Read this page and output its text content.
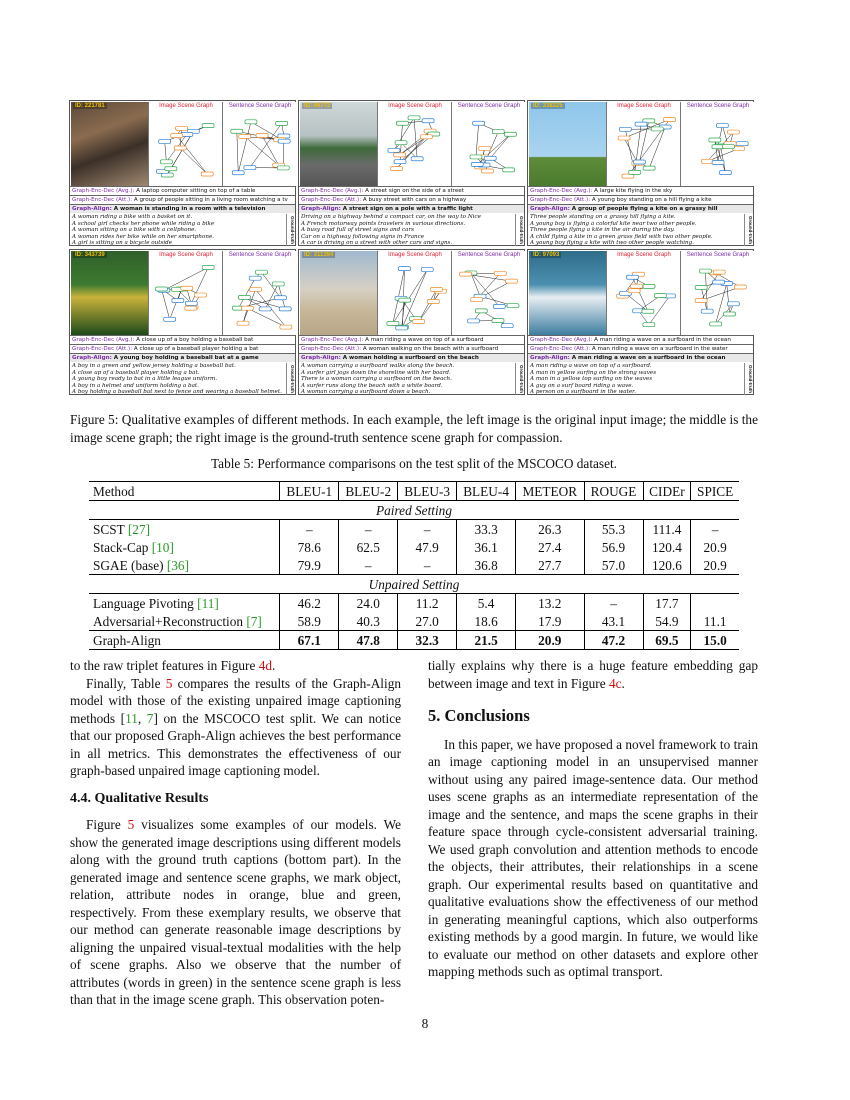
ID: 221781	Image Scene Graph	Sentence Scene Graph
Graph-Enc-Dec (Avg.): A laptop computer sitting on top of a table
Graph-Enc-Dec (Att.): A group of people sitting in a living room watching a tv
Graph-Align: A woman is standing in a room with a television
A woman riding a bike with a basket on it.
A school girl checks her phone while riding a bike
A woman sitting on a bike with a cellphone.
A woman rides her bike while on her smartphone.
A girl is sitting on a bicycle outside	Ground-truth
ID: 46772	Image Scene Graph	Sentence Scene Graph
Graph-Enc-Dec (Avg.): A street sign on the side of a street
Graph-Enc-Dec (Att.): A busy street with cars on a highway
Graph-Align: A street sign on a pole with a traffic light
Driving on a highway behind a compact car, on the way to Nice
A French motorway points travelers in various directions.
A busy road full of street signs and cars
Car on a highway following signs in France
A car is driving on a street with other cars and signs.	Ground-truth
ID: 338325	Image Scene Graph	Sentence Scene Graph
Graph-Enc-Dec (Avg.): A large kite flying in the sky
Graph-Enc-Dec (Att.): A young boy standing on a hill flying a kite
Graph-Align: A group of people flying a kite on a grassy hill
Three people standing on a grassy hill flying a kite.
A young boy is flying a colorful kite near two other people.
Three people flying a kite in the air during the day.
A child flying a kite in a green grass field with two other people.
A young boy flying a kite with two other people watching.	Ground-truth
ID: 343739	Image Scene Graph	Sentence Scene Graph
Graph-Enc-Dec (Avg.): A close up of a boy holding a baseball bat
Graph-Enc-Dec (Att.): A close up of a baseball player holding a bat
Graph-Align: A young boy holding a baseball bat at a game
A boy in a green and yellow jersey holding a baseball bat.
A close up of a baseball player holding a bat.
A young boy ready to bat in a little league uniform.
A boy in a helmet and uniform holding a bat.
A boy holding a baseball bat next to fence and wearing a baseball helmet.	Ground-truth
ID: 311394	Image Scene Graph	Sentence Scene Graph
Graph-Enc-Dec (Avg.): A man riding a wave on top of a surfboard
Graph-Enc-Dec (Att.): A woman walking on the beach with a surfboard
Graph-Align: A woman holding a surfboard on the beach
A woman carrying a surfboard walks along the beach.
A surfer girl jogs down the shoreline with her board.
There is a woman carrying a surfboard on the beach.
A surfer runs along the beach with a white board.
A woman carrying a surfboard down a beach.	Ground-truth
ID: 97093	Image Scene Graph	Sentence Scene Graph
Graph-Enc-Dec (Avg.): A man riding a wave on a surfboard in the ocean
Graph-Enc-Dec (Att.): A man riding a wave on a surfboard in the water
Graph-Align: A man riding a wave on a surfboard in the ocean
A man riding a wave on top of a surfboard.
A man in yellow surfing on the strong waves
A man in a yellow top surfing on the waves
A guy on a surf board riding a wave.
A person on a surfboard in the water.	Ground-truth
Figure 5: Qualitative examples of different methods. In each example, the left image is the original input image; the middle is the image scene graph; the right image is the ground-truth sentence scene graph for compassion.
Table 5: Performance comparisons on the test split of the MSCOCO dataset.
Method	BLEU-1	BLEU-2	BLEU-3	BLEU-4	METEOR	ROUGE	CIDEr	SPICE
Paired Setting								
SCST [27]	–	–	–	33.3	26.3	55.3	111.4	–
Stack-Cap [10]	78.6	62.5	47.9	36.1	27.4	56.9	120.4	20.9
SGAE (base) [36]	79.9	–	–	36.8	27.7	57.0	120.6	20.9
Unpaired Setting								
Language Pivoting [11]	46.2	24.0	11.2	5.4	13.2	–	17.7	
Adversarial+Reconstruction [7]	58.9	40.3	27.0	18.6	17.9	43.1	54.9	11.1
Graph-Align	67.1	47.8	32.3	21.5	20.9	47.2	69.5	15.0

to the raw triplet features in Figure 4d.

Finally, Table 5 compares the results of the Graph-Align model with those of the existing unpaired image captioning methods [11, 7] on the MSCOCO test split. We can notice that our proposed Graph-Align achieves the best performance in all metrics. This demonstrates the effectiveness of our graph-based unpaired image captioning model.

4.4. Qualitative Results

Figure 5 visualizes some examples of our models. We show the generated image descriptions using different models along with the ground truth captions (bottom part). In the generated image and sentence scene graphs, we mark object, relation, attribute nodes in orange, blue and green, respectively. From these exemplary results, we observe that our method can generate reasonable image descriptions by aligning the unpaired visual-textual modalities with the help of scene graphs. Also we observe that the number of attributes (words in green) in the sentence scene graph is less than that in the image scene graph. This observation poten-

tially explains why there is a huge feature embedding gap between image and text in Figure 4c.

5. Conclusions

In this paper, we have proposed a novel framework to train an image captioning model in an unsupervised manner without using any paired image-sentence data. Our method uses scene graphs as an intermediate representation of the image and the sentence, and maps the scene graphs in their feature space through cycle-consistent adversarial training. We used graph convolution and attention methods to encode the objects, their attributes, their relationships in a scene graph. Our experimental results based on quantitative and qualitative evaluations show the effectiveness of our method in generating meaningful captions, which also outperforms existing methods by a good margin. In future, we would like to evaluate our method on other datasets and explore other mapping methods such as optimal transport.

8
